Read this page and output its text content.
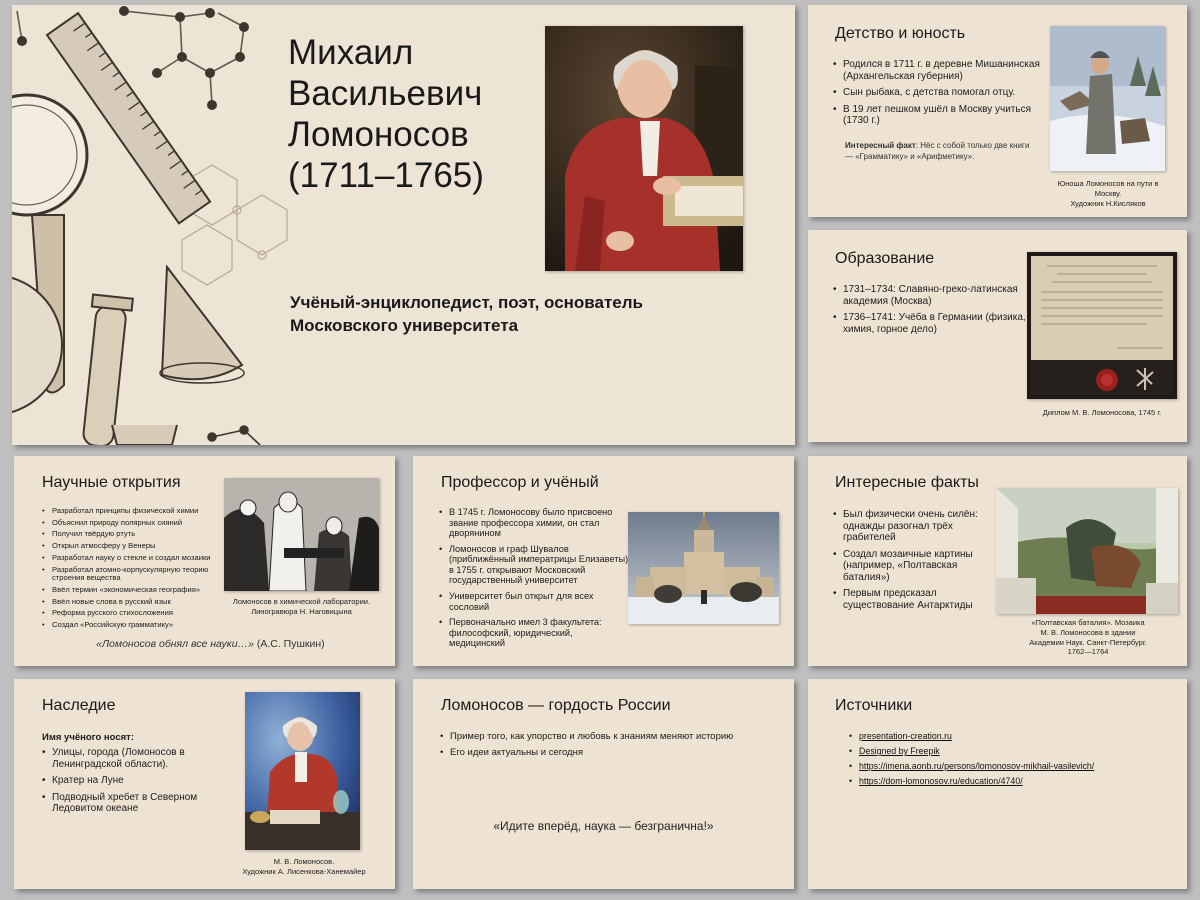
Михаил
Васильевич
Ломоносов
(1711–1765)
Учёный-энциклопедист, поэт, основатель
Московского университета
Детство и юность
• Родился в 1711 г. в деревне Мишанинская (Архангельская губерния)
• Сын рыбака, с детства помогал отцу.
• В 19 лет пешком ушёл в Москву учиться (1730 г.)
Интересный факт: Нёс с собой только две книги — «Грамматику» и «Арифметику».
Юноша Ломоносов на пути в
Москву.
Художник Н.Кисляков
Образование
• 1731–1734: Славяно-греко-латинская академия (Москва)
• 1736–1741: Учёба в Германии (физика, химия, горное дело)
Диплом М. В. Ломоносова, 1745 г.
Научные открытия
• Разработал принципы физической химии
• Объяснил природу полярных сияний
• Получил твёрдую ртуть
• Открыл атмосферу у Венеры
• Разработал науку о стекле и создал мозаики
• Разработал атомно-корпускулярную теорию строения вещества
• Ввёл термин «экономическая география»
• Ввёл новые слова в русский язык
• Реформа русского стихосложения
• Создал «Российскую грамматику»
Ломоносов в химической лаборатории.
Линогравюра Н. Наговицына
«Ломоносов обнял все науки…» (А.С. Пушкин)
Профессор и учёный
• В 1745 г. Ломоносову было присвоено звание профессора химии, он стал дворянином
• Ломоносов и граф Шувалов (приближённый императрицы Елизаветы) в 1755 г. открывают Московский государственный университет
• Университет был открыт для всех сословий
• Первоначально имел 3 факультета: философский, юридический, медицинский
Интересные факты
• Был физически очень силён: однажды разогнал трёх грабителей
• Создал мозаичные картины (например, «Полтавская баталия»)
• Первым предсказал существование Антарктиды
«Полтавская баталия». Мозаика
М. В. Ломоносова в здании
Академии Наук. Санкт-Петербург.
1762—1764
Наследие
Имя учёного носят:
• Улицы, города (Ломоносов в Ленинградской области).
• Кратер на Луне
• Подводный хребет в Северном Ледовитом океане
М. В. Ломоносов.
Художник А. Лисенкова-Ханемайер
Ломоносов — гордость России
• Пример того, как упорство и любовь к знаниям меняют историю
• Его идеи актуальны и сегодня
«Идите вперёд, наука — безгранична!»
Источники
• presentation-creation.ru
• Designed by Freepik
• https://imena.aonb.ru/persons/lomonosov-mikhail-vasilevich/
• https://dom-lomonosov.ru/education/4740/
